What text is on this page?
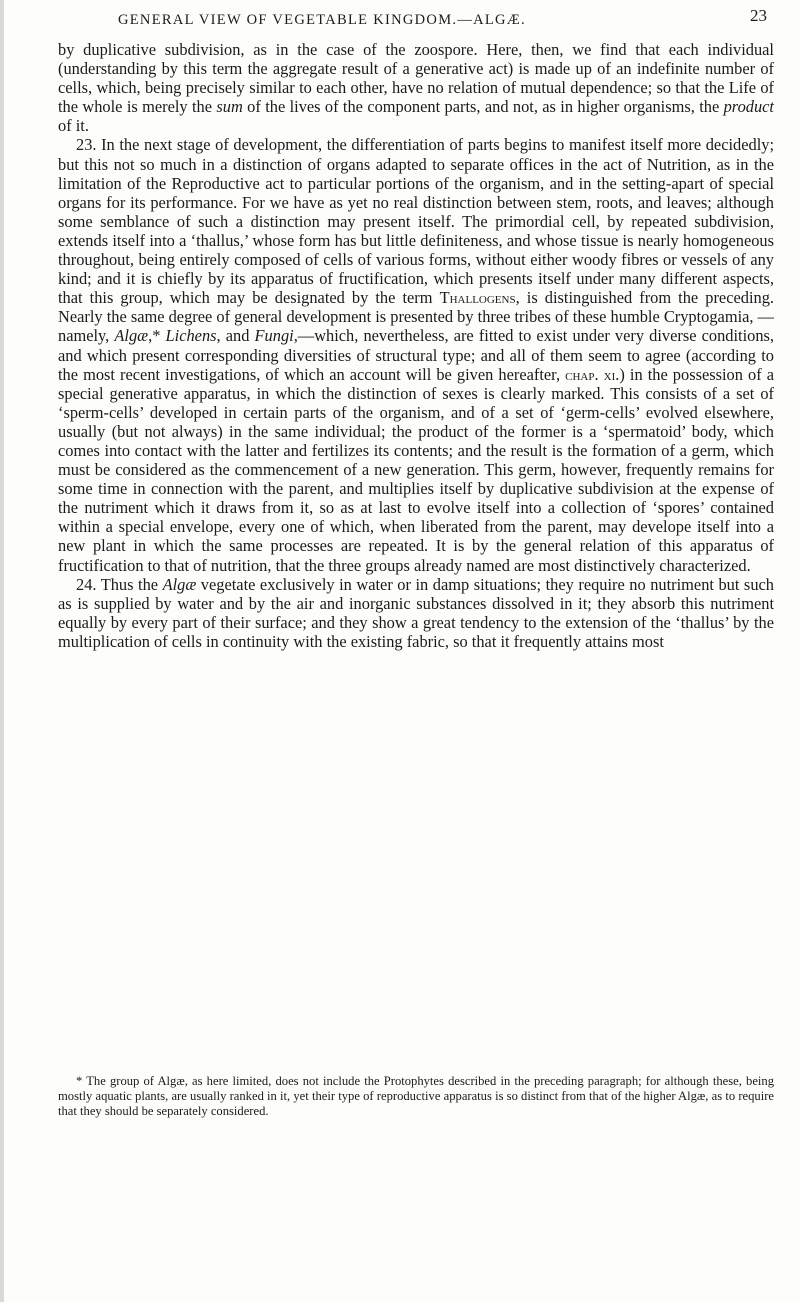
GENERAL VIEW OF VEGETABLE KINGDOM.—ALGÆ.	23

by duplicative subdivision, as in the case of the zoospore. Here, then, we find that each individual (understanding by this term the aggregate result of a generative act) is made up of an indefinite number of cells, which, being precisely similar to each other, have no relation of mutual dependence; so that the Life of the whole is merely the sum of the lives of the component parts, and not, as in higher organisms, the product of it.

23. In the next stage of development, the differentiation of parts begins to manifest itself more decidedly; but this not so much in a distinction of organs adapted to separate offices in the act of Nutrition, as in the limitation of the Reproductive act to particular portions of the organism, and in the setting-apart of special organs for its performance. For we have as yet no real distinction between stem, roots, and leaves; although some semblance of such a distinction may present itself. The primordial cell, by repeated subdivision, extends itself into a ‘thallus,’ whose form has but little definiteness, and whose tissue is nearly homogeneous throughout, being entirely composed of cells of various forms, without either woody fibres or vessels of any kind; and it is chiefly by its apparatus of fructification, which presents itself under many different aspects, that this group, which may be designated by the term Thallogens, is distinguished from the preceding. Nearly the same degree of general development is presented by three tribes of these humble Cryptogamia, —namely, Algæ,* Lichens, and Fungi,—which, nevertheless, are fitted to exist under very diverse conditions, and which present corresponding diversities of structural type; and all of them seem to agree (according to the most recent investigations, of which an account will be given hereafter, chap. xi.) in the possession of a special generative apparatus, in which the distinction of sexes is clearly marked. This consists of a set of ‘sperm-cells’ developed in certain parts of the organism, and of a set of ‘germ-cells’ evolved elsewhere, usually (but not always) in the same individual; the product of the former is a ‘spermatoid’ body, which comes into contact with the latter and fertilizes its contents; and the result is the formation of a germ, which must be considered as the commencement of a new generation. This germ, however, frequently remains for some time in connection with the parent, and multiplies itself by duplicative subdivision at the expense of the nutriment which it draws from it, so as at last to evolve itself into a collection of ‘spores’ contained within a special envelope, every one of which, when liberated from the parent, may develope itself into a new plant in which the same processes are repeated. It is by the general relation of this apparatus of fructification to that of nutrition, that the three groups already named are most distinctively characterized.

24. Thus the Algæ vegetate exclusively in water or in damp situations; they require no nutriment but such as is supplied by water and by the air and inorganic substances dissolved in it; they absorb this nutriment equally by every part of their surface; and they show a great tendency to the extension of the ‘thallus’ by the multiplication of cells in continuity with the existing fabric, so that it frequently attains most

* The group of Algæ, as here limited, does not include the Protophytes described in the preceding paragraph; for although these, being mostly aquatic plants, are usually ranked in it, yet their type of reproductive apparatus is so distinct from that of the higher Algæ, as to require that they should be separately considered.
